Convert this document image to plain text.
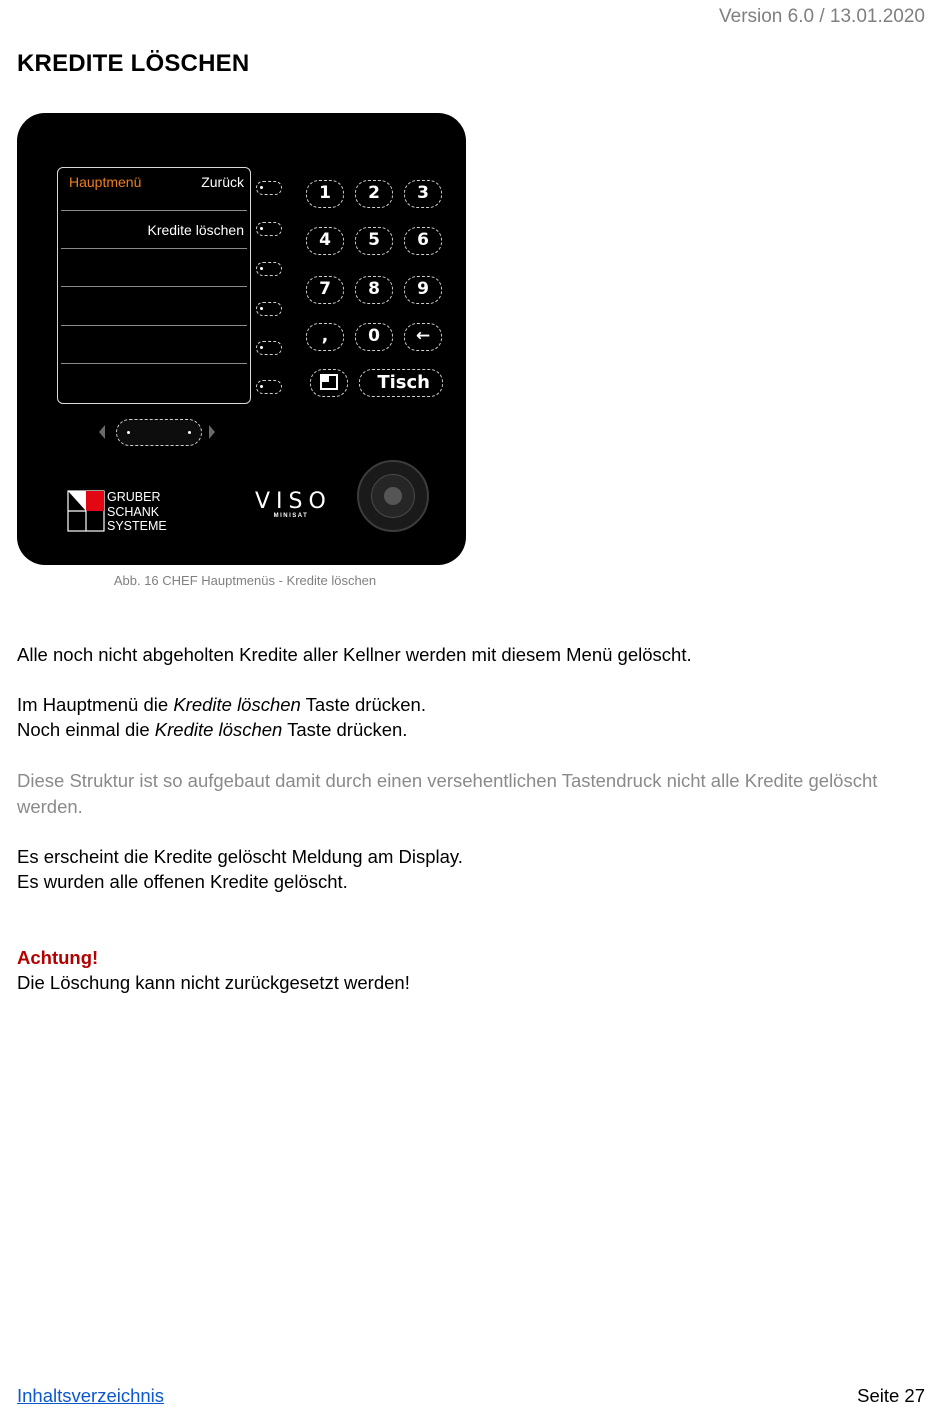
Version 6.0 / 13.01.2020
KREDITE LÖSCHEN
Hauptmenü	Zurück
Kredite löschen
1	2	3
4	5	6
7	8	9
,	0	←
Tisch
GRUBER
SCHANK
SYSTEME
VISO
MINISAT
Abb. 16 CHEF Hauptmenüs - Kredite löschen

Alle noch nicht abgeholten Kredite aller Kellner werden mit diesem Menü gelöscht.

Im Hauptmenü die Kredite löschen Taste drücken.

Noch einmal die Kredite löschen Taste drücken.

Diese Struktur ist so aufgebaut damit durch einen versehentlichen Tastendruck nicht alle Kredite gelöscht werden.

Es erscheint die Kredite gelöscht Meldung am Display.

Es wurden alle offenen Kredite gelöscht.

Achtung!

Die Löschung kann nicht zurückgesetzt werden!

Inhaltsverzeichnis	Seite 27
